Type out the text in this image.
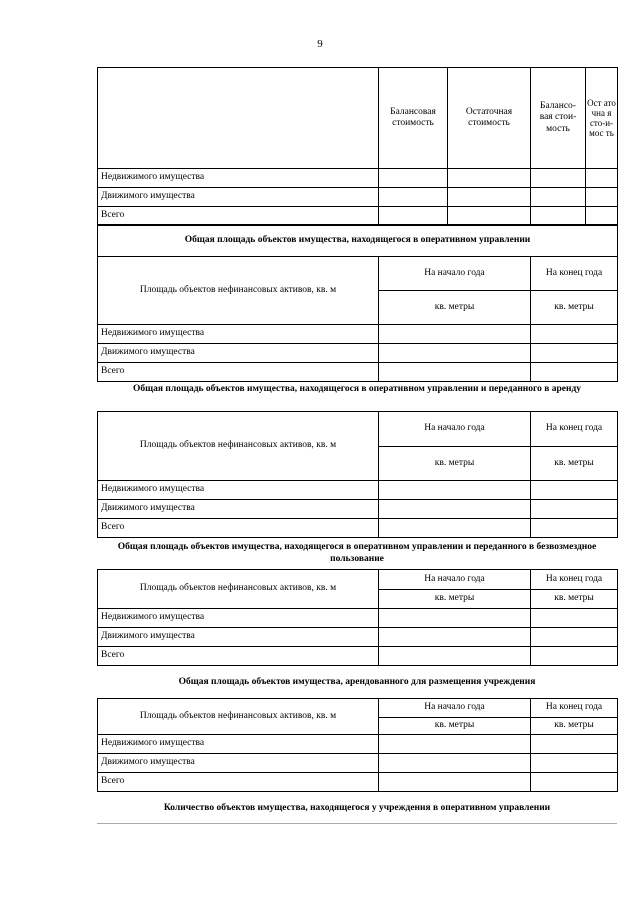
9
	Балансовая стоимость	Остаточная стоимость	Балансо-вая стои-мость	Ост ато чна я сто-и-мос ть
Недвижимого имущества				
Движимого имущества				
Всего				
Общая площадь объектов имущества, находящегося в оперативном управлении		
Площадь объектов нефинансовых активов, кв. м	На начало года	На конец года
	кв. метры	кв. метры
Недвижимого имущества		
Движимого имущества		
Всего		
Общая площадь объектов имущества, находящегося в оперативном управлении и переданного в аренду
Площадь объектов нефинансовых активов, кв. м	На начало года	На конец года
	кв. метры	кв. метры
Недвижимого имущества		
Движимого имущества		
Всего		
Общая площадь объектов имущества, находящегося в оперативном управлении и переданного в безвозмездное пользование
Площадь объектов нефинансовых активов, кв. м	На начало года	На конец года
	кв. метры	кв. метры
Недвижимого имущества		
Движимого имущества		
Всего		
Общая площадь объектов имущества, арендованного для размещения учреждения
Площадь объектов нефинансовых активов, кв. м	На начало года	На конец года
	кв. метры	кв. метры
Недвижимого имущества		
Движимого имущества		
Всего		
Количество объектов имущества, находящегося у учреждения в оперативном управлении
